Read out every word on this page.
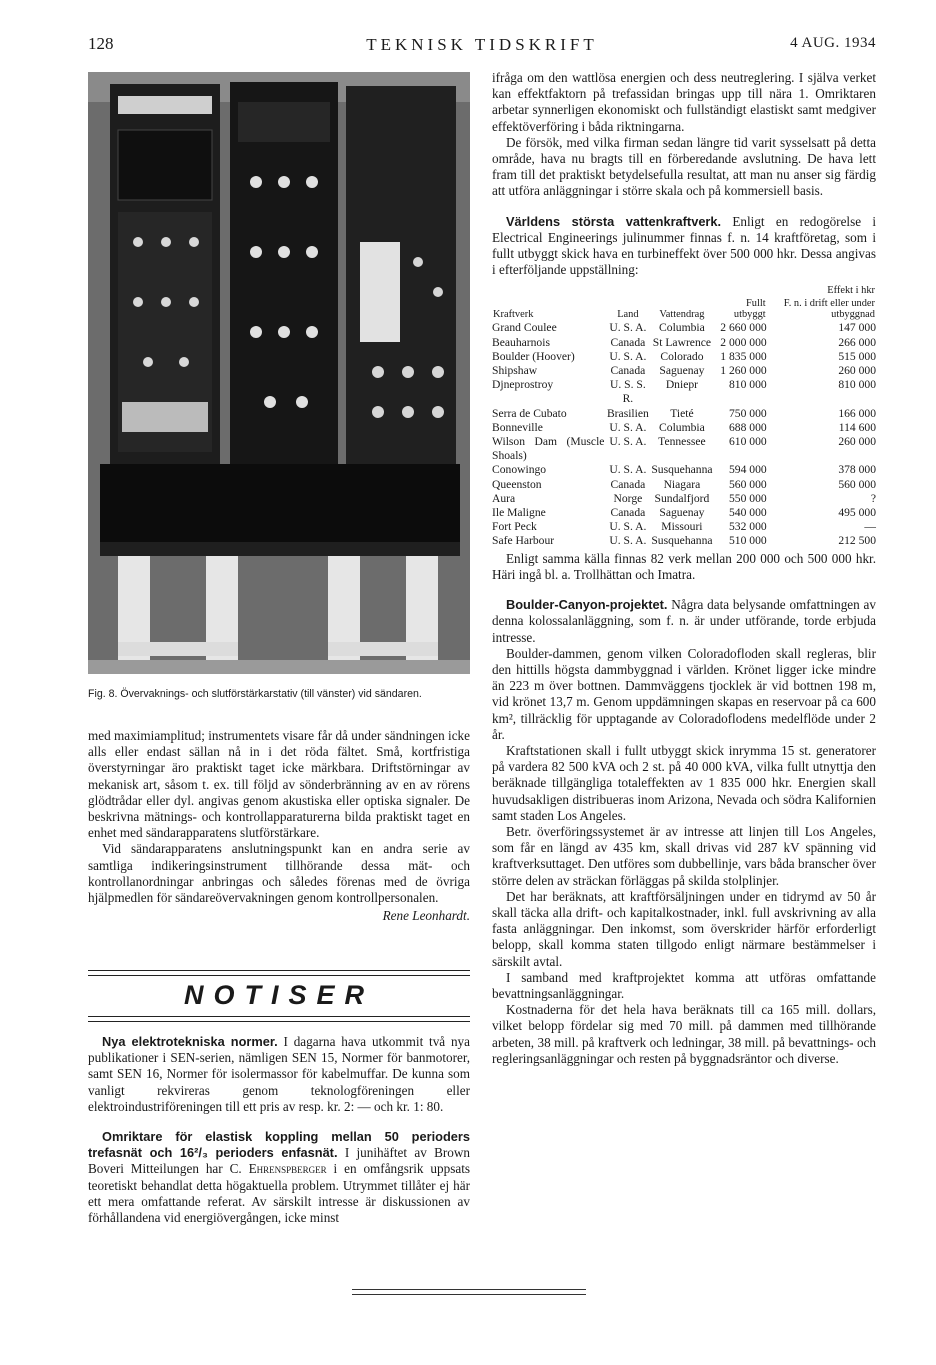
128	TEKNISK TIDSKRIFT	4 AUG. 1934
Fig. 8. Övervaknings- och slutförstärkarstativ (till vänster) vid sändaren.

med maximiamplitud; instrumentets visare får då under sändningen icke alls eller endast sällan nå in i det röda fältet. Små, kortfristiga överstyrningar äro praktiskt taget icke märkbara. Driftstörningar av mekanisk art, såsom t. ex. till följd av sönderbränning av en av rörens glödtrådar eller dyl. angivas genom akustiska eller optiska signaler. De beskrivna mätnings- och kontrollapparaturerna bilda praktiskt taget en enhet med sändarapparatens slutförstärkare.

Vid sändarapparatens anslutningspunkt kan en andra serie av samtliga indikeringsinstrument tillhörande dessa mät- och kontrollanordningar anbringas och således förenas med de övriga hjälpmedlen för sändareövervakningen genom kontrollpersonalen.

Rene Leonhardt.
NOTISER

Nya elektrotekniska normer. I dagarna hava utkommit två nya publikationer i SEN-serien, nämligen SEN 15, Normer för banmotorer, samt SEN 16, Normer för isolermassor för kabelmuffar. De kunna som vanligt rekvireras genom teknologföreningen eller elektroindustriföreningen till ett pris av resp. kr. 2: — och kr. 1: 80.

Omriktare för elastisk koppling mellan 50 perioders trefasnät och 16²/₃ perioders enfasnät. I junihäftet av Brown Boveri Mitteilungen har C. Ehrenspberger i en omfångsrik uppsats teoretiskt behandlat detta högaktuella problem. Utrymmet tillåter ej här ett mera omfattande referat. Av särskilt intresse är diskussionen av förhållandena vid energiövergången, icke minst

ifråga om den wattlösa energien och dess neutreglering. I själva verket kan effektfaktorn på trefassidan bringas upp till nära 1. Omriktaren arbetar synnerligen ekonomiskt och fullständigt elastiskt samt medgiver effektöverföring i båda riktningarna.

De försök, med vilka firman sedan längre tid varit sysselsatt på detta område, hava nu bragts till en förberedande avslutning. De hava lett fram till det praktiskt betydelsefulla resultat, att man nu anser sig färdig att utföra anläggningar i större skala och på kommersiell basis.

Världens största vattenkraftverk. Enligt en redogörelse i Electrical Engineerings julinummer finnas f. n. 14 kraftföretag, som i fullt utbyggt skick hava en turbineffekt över 500 000 hkr. Dessa angivas i efterföljande uppställning:

			Effekt i hkr	
Kraftverk	Land	Vattendrag	Fullt utbyggt	F. n. i drift eller under utbyggnad
Grand Coulee	U. S. A.	Columbia	2 660 000	147 000
Beauharnois	Canada	St Lawrence	2 000 000	266 000
Boulder (Hoover)	U. S. A.	Colorado	1 835 000	515 000
Shipshaw	Canada	Saguenay	1 260 000	260 000
Djneprostroy	U. S. S. R.	Dniepr	810 000	810 000
Serra de Cubato	Brasilien	Tieté	750 000	166 000
Bonneville	U. S. A.	Columbia	688 000	114 600
Wilson Dam (Muscle Shoals)	U. S. A.	Tennessee	610 000	260 000
Conowingo	U. S. A.	Susquehanna	594 000	378 000
Queenston	Canada	Niagara	560 000	560 000
Aura	Norge	Sundalfjord	550 000	?
Ile Maligne	Canada	Saguenay	540 000	495 000
Fort Peck	U. S. A.	Missouri	532 000	—
Safe Harbour	U. S. A.	Susquehanna	510 000	212 500

Enligt samma källa finnas 82 verk mellan 200 000 och 500 000 hkr. Häri ingå bl. a. Trollhättan och Imatra.

Boulder-Canyon-projektet. Några data belysande omfattningen av denna kolossalanläggning, som f. n. är under utförande, torde erbjuda intresse.

Boulder-dammen, genom vilken Coloradofloden skall regleras, blir den hittills högsta dammbyggnad i världen. Krönet ligger icke mindre än 223 m över bottnen. Dammväggens tjocklek är vid bottnen 198 m, vid krönet 13,7 m. Genom uppdämningen skapas en reservoar på ca 600 km², tillräcklig för upptagande av Coloradoflodens medelflöde under 2 år.

Kraftstationen skall i fullt utbyggt skick inrymma 15 st. generatorer på vardera 82 500 kVA och 2 st. på 40 000 kVA, vilka fullt utnyttja den beräknade tillgängliga totaleffekten av 1 835 000 hkr. Energien skall huvudsakligen distribueras inom Arizona, Nevada och södra Kalifornien samt staden Los Angeles.

Betr. överföringssystemet är av intresse att linjen till Los Angeles, som får en längd av 435 km, skall drivas vid 287 kV spänning vid kraftverksuttaget. Den utföres som dubbellinje, vars båda branscher över större delen av sträckan förläggas på skilda stolplinjer.

Det har beräknats, att kraftförsäljningen under en tidrymd av 50 år skall täcka alla drift- och kapitalkostnader, inkl. full avskrivning av alla fasta anläggningar. Den inkomst, som överskrider härför erforderligt belopp, skall komma staten tillgodo enligt närmare bestämmelser i särskilt avtal.

I samband med kraftprojektet komma att utföras omfattande bevattningsanläggningar.

Kostnaderna för det hela hava beräknats till ca 165 mill. dollars, vilket belopp fördelar sig med 70 mill. på dammen med tillhörande arbeten, 38 mill. på kraftverk och ledningar, 38 mill. på bevattnings- och regleringsanläggningar och resten på byggnadsräntor och diverse.
